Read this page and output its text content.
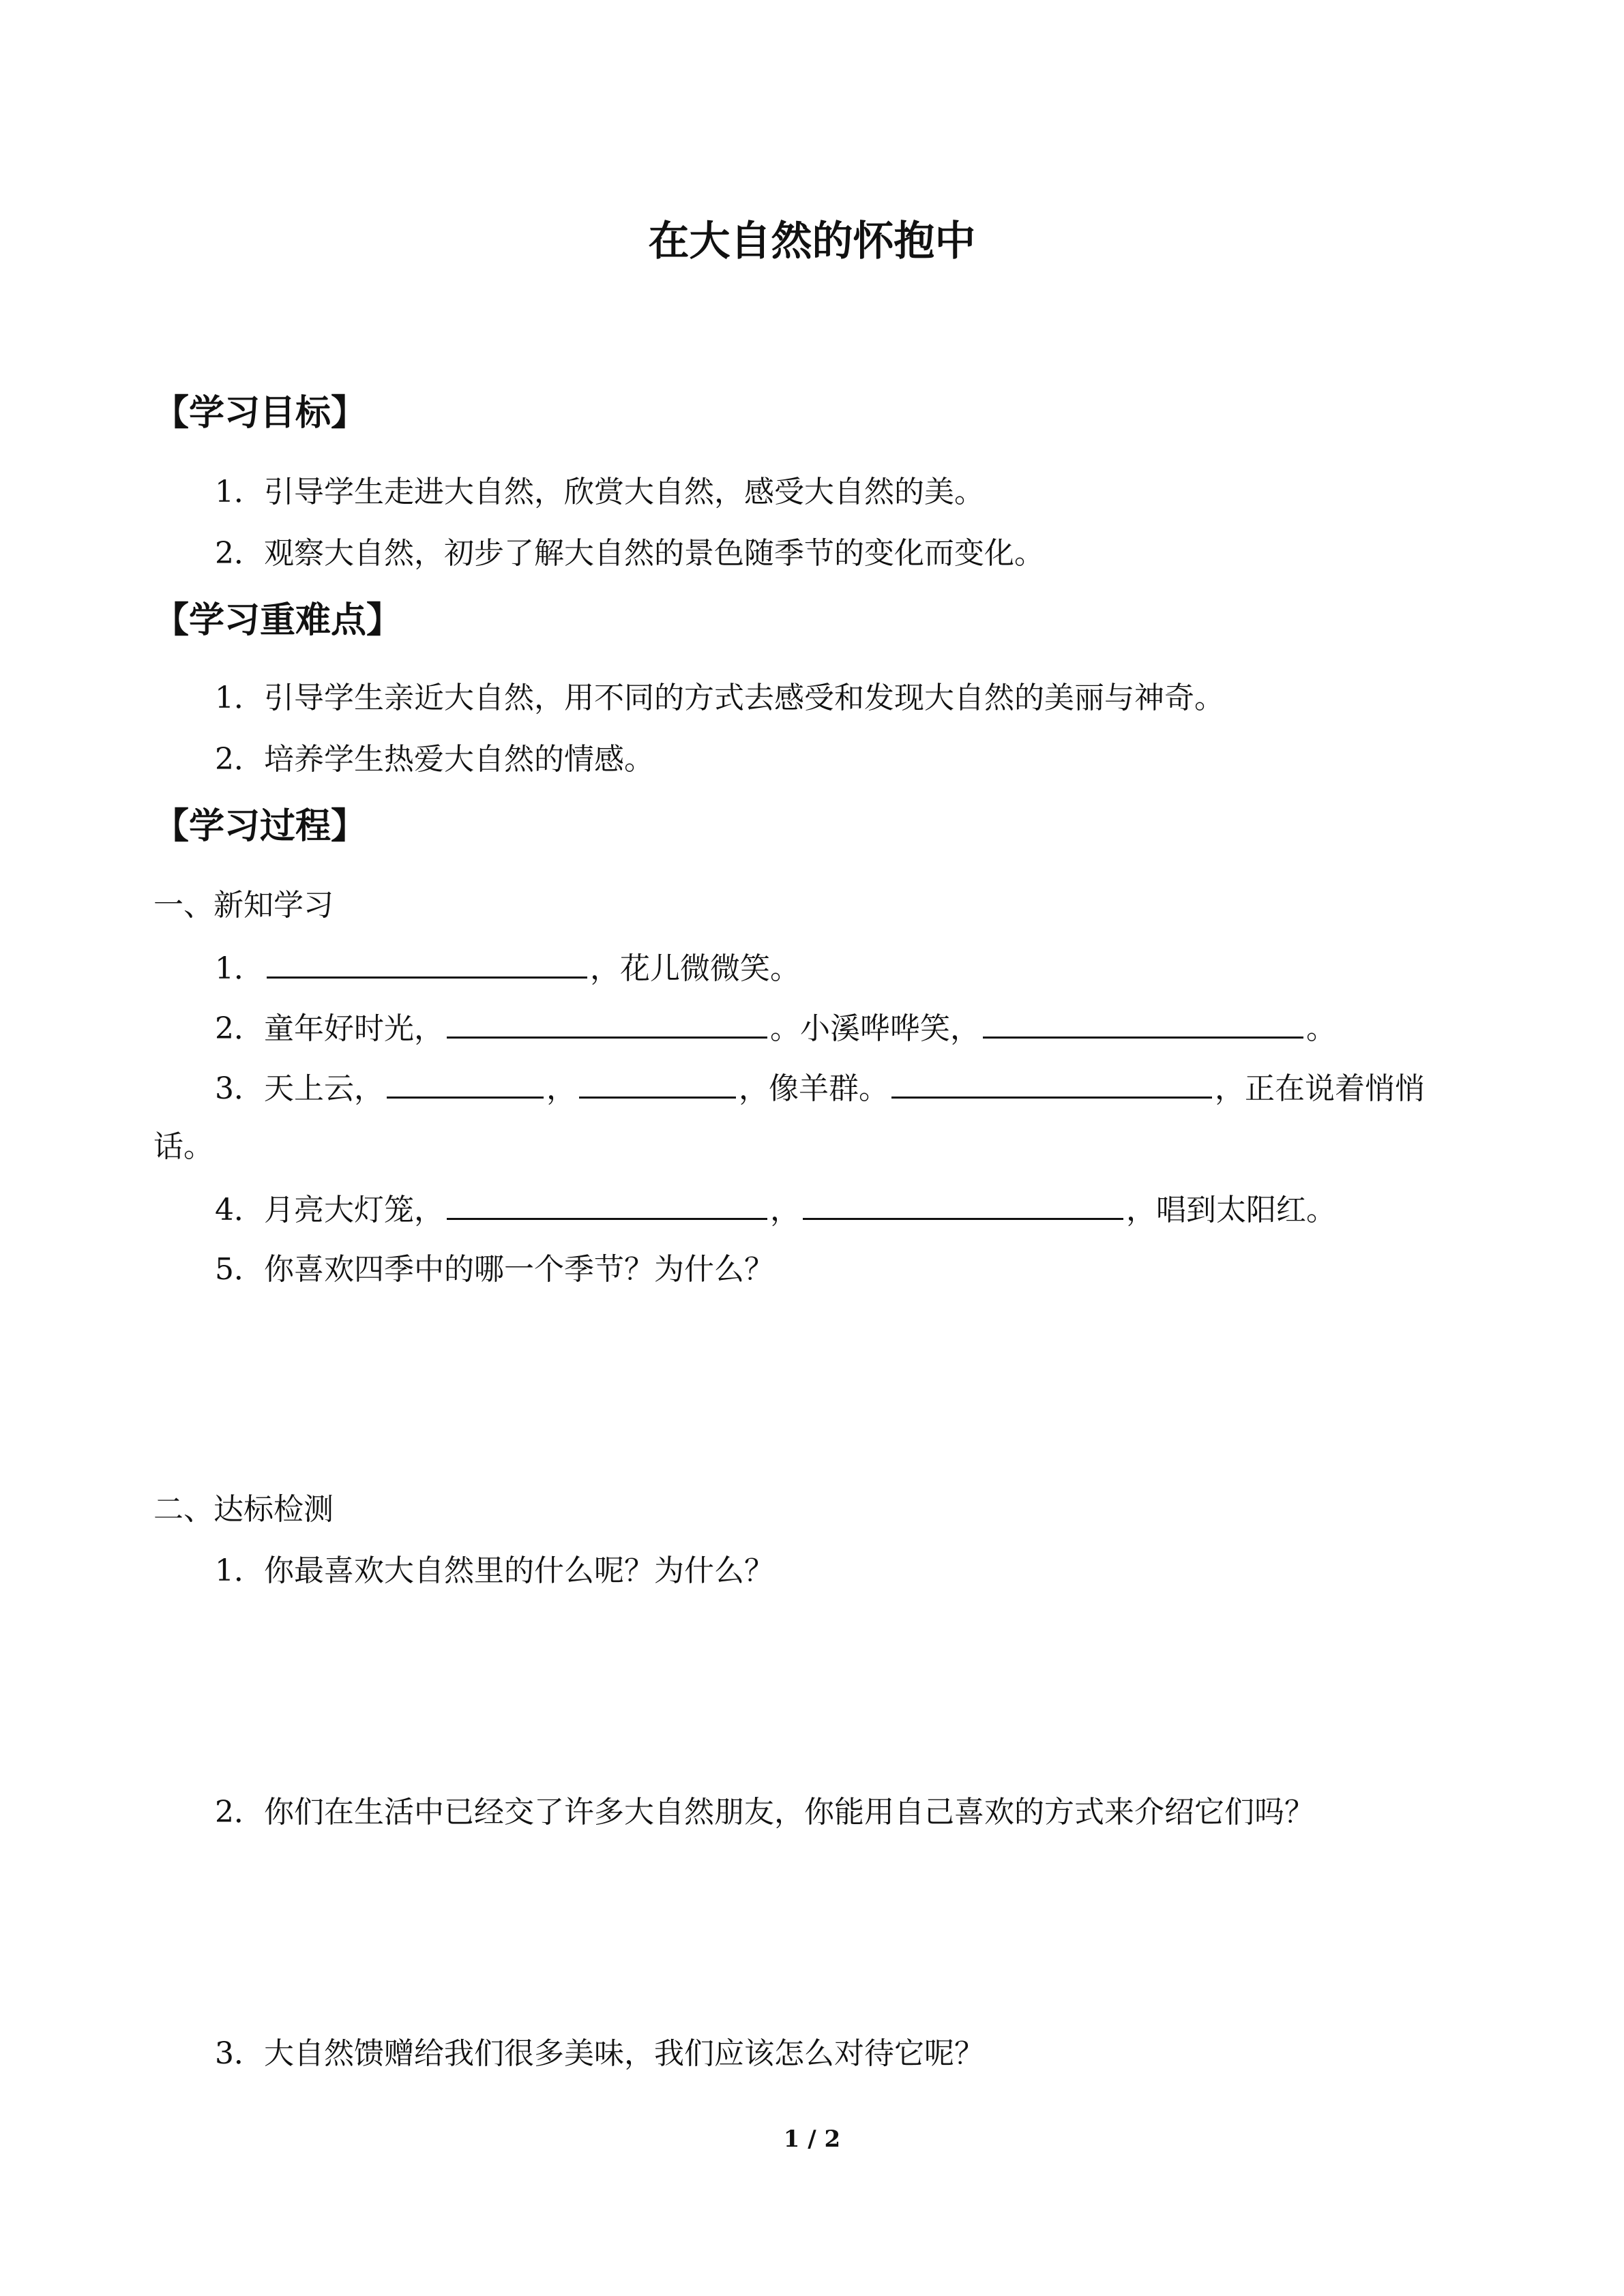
在大自然的怀抱中
【学习目标】
1．引导学生走进大自然，欣赏大自然，感受大自然的美。
2．观察大自然，初步了解大自然的景色随季节的变化而变化。
【学习重难点】
1．引导学生亲近大自然，用不同的方式去感受和发现大自然的美丽与神奇。
2．培养学生热爱大自然的情感。
【学习过程】
一、新知学习
1．	，花儿微微笑。
2．童年好时光，	。小溪哗哗笑，	。
3．天上云，	，	，像羊群。	，正在说着悄悄
话。
4．月亮大灯笼，	，	，唱到太阳红。
5．你喜欢四季中的哪一个季节？为什么？
二、达标检测
1．你最喜欢大自然里的什么呢？为什么？
2．你们在生活中已经交了许多大自然朋友，你能用自己喜欢的方式来介绍它们吗？
3．大自然馈赠给我们很多美味，我们应该怎么对待它呢？
1 / 2
